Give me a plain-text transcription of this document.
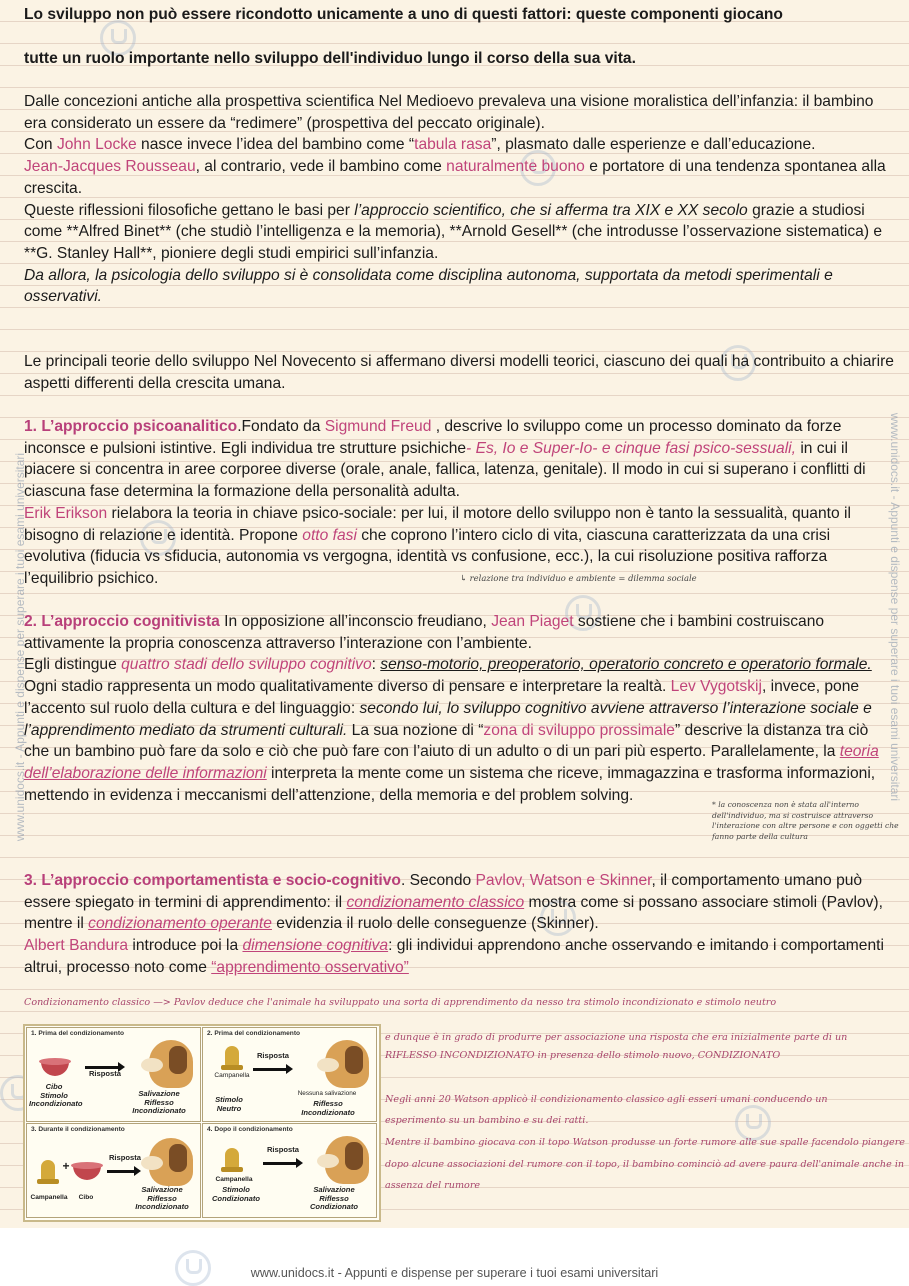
www.unidocs.it - Appunti e dispense per superare i tuoi esami universitari	www.unidocs.it - Appunti e dispense per superare i tuoi esami universitari

Lo sviluppo non può essere ricondotto unicamente a uno di questi fattori: queste componenti giocano

tutte un ruolo importante nello sviluppo dell'individuo lungo il corso della sua vita.

Dalle concezioni antiche alla prospettiva scientifica Nel Medioevo prevaleva una visione moralistica dell’infanzia: il bambino era considerato un essere da “redimere” (prospettiva del peccato originale).

Con John Locke nasce invece l’idea del bambino come “tabula rasa”, plasmato dalle esperienze e dall’educazione.

Jean-Jacques Rousseau, al contrario, vede il bambino come naturalmente buono e portatore di una tendenza spontanea alla crescita.

Queste riflessioni filosofiche gettano le basi per l’approccio scientifico, che si afferma tra XIX e XX secolo grazie a studiosi come **Alfred Binet** (che studiò l’intelligenza e la memoria), **Arnold Gesell** (che introdusse l’osservazione sistematica) e **G. Stanley Hall**, pioniere degli studi empirici sull’infanzia.

Da allora, la psicologia dello sviluppo si è consolidata come disciplina autonoma, supportata da metodi sperimentali e osservativi.

Le principali teorie dello sviluppo Nel Novecento si affermano diversi modelli teorici, ciascuno dei quali ha contribuito a chiarire aspetti differenti della crescita umana.

1. L’approccio psicoanalitico.Fondato da Sigmund Freud , descrive lo sviluppo come un processo dominato da forze inconsce e pulsioni istintive. Egli individua tre strutture psichiche- Es, Io e Super-Io- e cinque fasi psico-sessuali, in cui il piacere si concentra in aree corporee diverse (orale, anale, fallica, latenza, genitale). Il modo in cui si superano i conflitti di ciascuna fase determina la formazione della personalità adulta.

Erik Erikson rielabora la teoria in chiave psico-sociale: per lui, il motore dello sviluppo non è tanto la sessualità, quanto il bisogno di relazione e identità. Propone otto fasi che coprono l’intero ciclo di vita, ciascuna caratterizzata da una crisi evolutiva (fiducia vs sfiducia, autonomia vs vergogna, identità vs confusione, ecc.), la cui risoluzione positiva rafforza l’equilibrio psichico.	↳ relazione tra individuo e ambiente = dilemma sociale

2. L’approccio cognitivista In opposizione all’inconscio freudiano, Jean Piaget sostiene che i bambini costruiscano attivamente la propria conoscenza attraverso l’interazione con l’ambiente.

Egli distingue quattro stadi dello sviluppo cognitivo: senso-motorio, preoperatorio, operatorio concreto e operatorio formale. Ogni stadio rappresenta un modo qualitativamente diverso di pensare e interpretare la realtà. Lev Vygotskij, invece, pone l’accento sul ruolo della cultura e del linguaggio: secondo lui, lo sviluppo cognitivo avviene attraverso l’interazione sociale e l’apprendimento mediato da strumenti culturali. La sua nozione di “zona di sviluppo prossimale” descrive la distanza tra ciò che un bambino può fare da solo e ciò che può fare con l’aiuto di un adulto o di un pari più esperto. Parallelamente, la teoria dell’elaborazione delle informazioni interpreta la mente come un sistema che riceve, immagazzina e trasforma informazioni, mettendo in evidenza i meccanismi dell’attenzione, della memoria e del problem solving.

* la conoscenza non è stata all'interno dell'individuo, ma si costruisce attraverso l'interazione con altre persone e con oggetti che fanno parte della cultura

3. L’approccio comportamentista e socio-cognitivo. Secondo Pavlov, Watson e Skinner, il comportamento umano può essere spiegato in termini di apprendimento: il condizionamento classico mostra come si possano associare stimoli (Pavlov), mentre il condizionamento operante evidenzia il ruolo delle conseguenze (Skinner).

Albert Bandura introduce poi la dimensione cognitiva: gli individui apprendono anche osservando e imitando i comportamenti altrui, processo noto come “apprendimento osservativo”

Condizionamento classico —> Pavlov deduce che l'animale ha sviluppato una sorta di apprendimento da nesso tra stimolo incondizionato e stimolo neutro
e dunque è in grado di produrre per associazione una risposta che era inizialmente parte di un
RIFLESSO INCONDIZIONATO in presenza dello stimolo nuovo, CONDIZIONATO
Negli anni 20 Watson applicò il condizionamento classico agli esseri umani conducendo un
esperimento su un bambino e su dei ratti.
Mentre il bambino giocava con il topo Watson produsse un forte rumore alle sue spalle facendolo piangere
dopo alcune associazioni del rumore con il topo, il bambino cominciò ad avere paura dell'animale anche in
assenza del rumore
1. Prima del condizionamento
Cibo
Stimolo Incondizionato
Risposta
Salivazione Riflesso Incondizionato
2. Prima del condizionamento
Campanella
Stimolo Neutro
Risposta
Nessuna salivazione
Riflesso Incondizionato
3. Durante il condizionamento
+
Campanella	Cibo
Risposta
Salivazione Riflesso Incondizionato
4. Dopo il condizionamento
Campanella
Stimolo Condizionato
Risposta
Salivazione Riflesso Condizionato
www.unidocs.it - Appunti e dispense per superare i tuoi esami universitari
